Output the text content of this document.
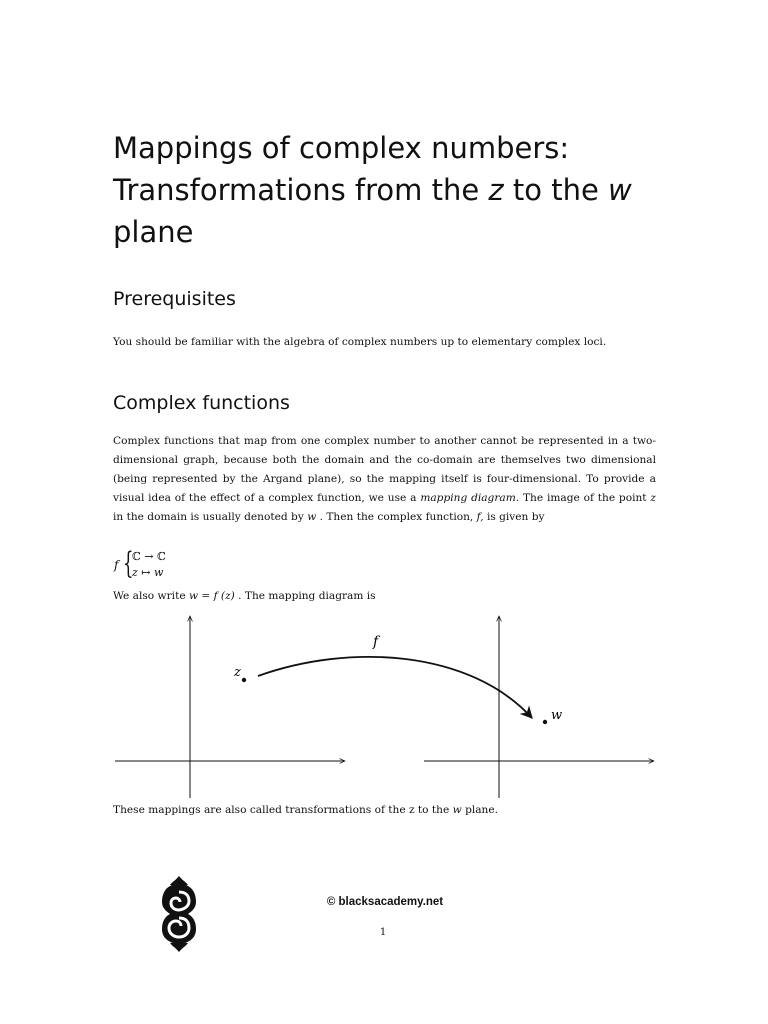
Mappings of complex numbers:
Transformations from the z to the w
plane
Prerequisites

You should be familiar with the algebra of complex numbers up to elementary complex loci.

Complex functions

Complex functions that map from one complex number to another cannot be represented in a two-dimensional graph, because both the domain and the co-domain are themselves two dimensional (being represented by the Argand plane), so the mapping itself is four-dimensional. To provide a visual idea of the effect of a complex function, we use a mapping diagram. The image of the point z in the domain is usually denoted by w . Then the complex function, f, is given by

f {
ℂ → ℂ
z ↦ w

We also write w = f (z) . The mapping diagram is

f
z
w

These mappings are also called transformations of the z to the w plane.

© blacksacademy.net
1
